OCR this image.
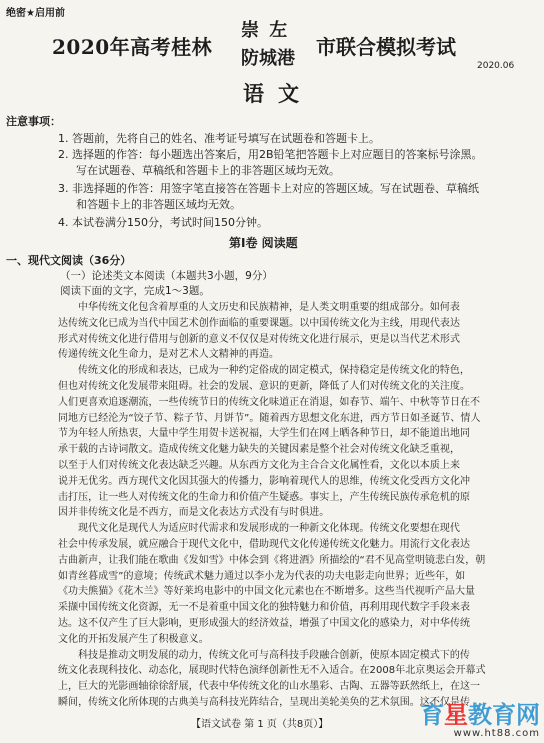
绝密★启用前
2020年高考桂林
崇 左
防城港 市联合模拟考试
2020.06
语文
注意事项：
1. 答题前，先将自己的姓名、准考证号填写在试题卷和答题卡上。
2. 选择题的作答：每小题选出答案后，用2B铅笔把答题卡上对应题目的答案标号涂黑。
写在试题卷、草稿纸和答题卡上的非答题区域均无效。
3. 非选择题的作答：用签字笔直接答在答题卡上对应的答题区域。写在试题卷、草稿纸
和答题卡上的非答题区域均无效。
4. 本试卷满分150分，考试时间150分钟。
第Ⅰ卷 阅读题
一、现代文阅读（36分）
（一）论述类文本阅读（本题共3小题，9分）
阅读下面的文字，完成1～3题。
中华传统文化包含着厚重的人文历史和民族精神，是人类文明重要的组成部分。如何表
达传统文化已成为当代中国艺术创作面临的重要课题。以中国传统文化为主线，用现代表达
形式对传统文化进行借用与创新的意义不仅仅是对传统文化进行展示，更是以当代艺术形式
传递传统文化生命力，是对艺术人文精神的再造。
传统文化的形成和表达，已成为一种约定俗成的固定模式，保持稳定是传统文化的特色，
但也对传统文化发展带来阻碍。社会的发展、意识的更新，降低了人们对传统文化的关注度。
人们更喜欢追逐潮流，一些传统节日的传统文化味道正在消退，如春节、端午、中秋等节日在不
同地方已经沦为“饺子节、粽子节、月饼节”。随着西方思想文化东进，西方节日如圣诞节、情人
节为年轻人所热衷，大量中学生用贺卡送祝福，大学生们在网上晒各种节日，却不能道出地同
承干载的古诗词散文。造成传统文化魅力缺失的关键因素是整个社会对传统文化缺乏重视，
以至于人们对传统文化表达缺乏兴趣。从东西方文化为主合合文化属性看，文化以本质上来
说并无优劣。西方现代文化因其强大的传播力，影响着现代人的思维，传统文化受西方文化冲
击打压，让一些人对传统文化的生命力和价值产生疑惑。事实上，产生传统民族传承危机的原
因并非传统文化是不西方，而是文化表达方式没有与时俱进。
现代文化是现代人为适应时代需求和发展形成的一种新文化体现。传统文化要想在现代
社会中传承发展，就应融合于现代文化中，借助现代文化传递传统文化魅力。用流行文化表达
古曲新声，让我们能在歌曲《发如雪》中体会到《将进酒》所描绘的“君不见高堂明镜悲白发，朝
如青丝暮成雪”的意境；传统武术魅力通过以李小龙为代表的功夫电影走向世界；近些年，如
《功夫熊猫》《花木兰》等好莱坞电影中的中国文化元素也在不断增多。这些当代视听产品大量
采撷中国传统文化资源，无一不是着重中国文化的独特魅力和价值，再利用现代数字手段来表
达。这不仅产生了巨大影响，更形成强大的经济效益，增强了中国文化的感染力，对中华传统
文化的开拓发展产生了积极意义。
科技是推动文明发展的动力，传统文化可与高科技手段融合创新，使原本固定模式下的传
统文化表现科技化、动态化，展现时代特色演绎创新性无不入适合。在2008年北京奥运会开幕式
上，巨大的光影画轴徐徐舒展，代表中华传统文化的山水墨彩、古陶、五器等跃然纸上，在这一
瞬间，传统文化所体现的古典美与高科技光阵结合，呈现出美轮美奂的艺术氛围。这不仅是传
【语文试卷 第 1 页（共8页）】	育星教育网
www.ht88.com
